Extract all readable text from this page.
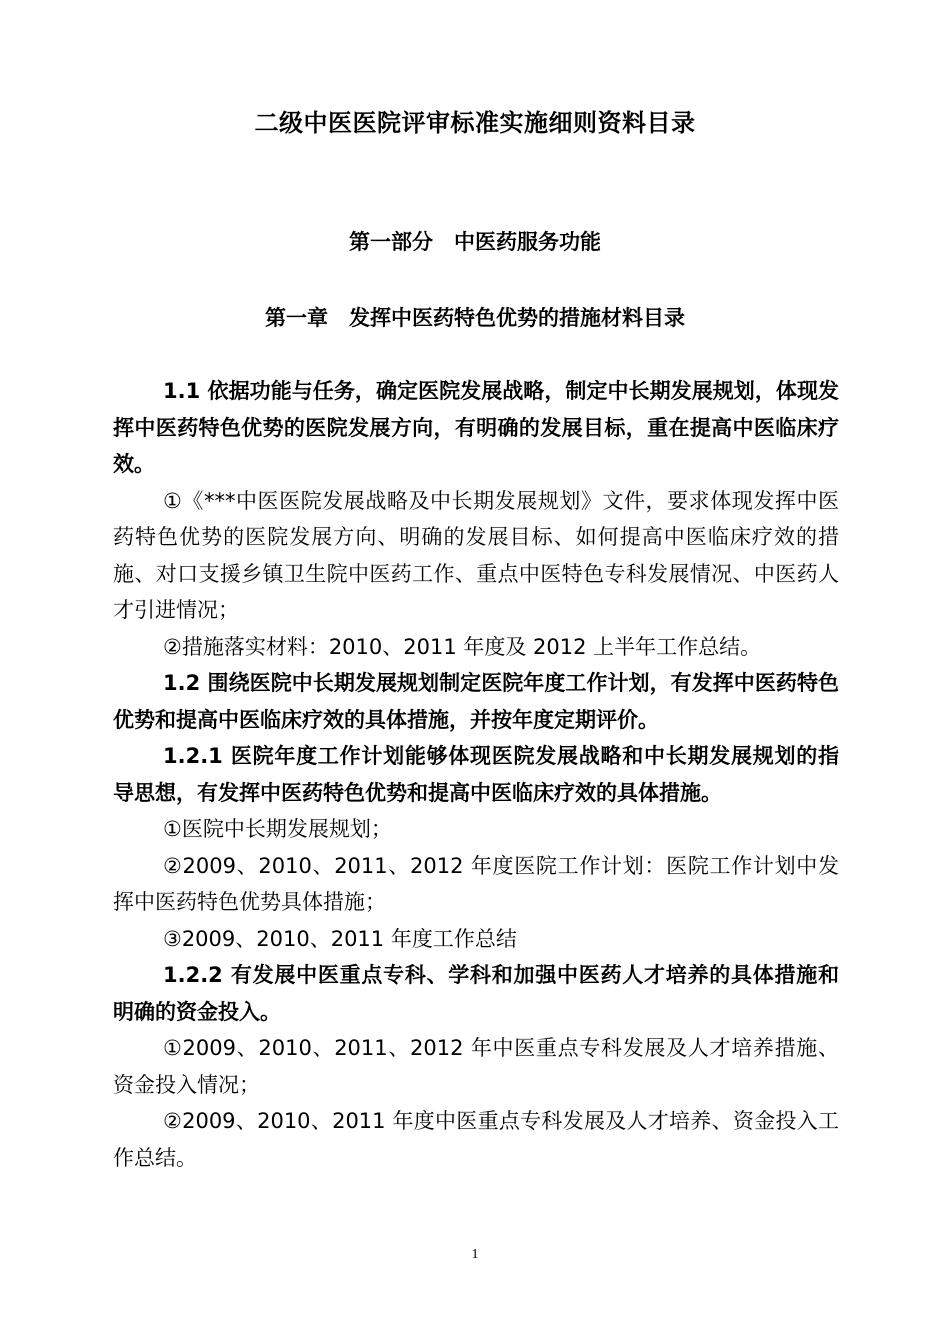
二级中医医院评审标准实施细则资料目录
第一部分　中医药服务功能
第一章　发挥中医药特色优势的措施材料目录

1.1 依据功能与任务，确定医院发展战略，制定中长期发展规划，体现发挥中医药特色优势的医院发展方向，有明确的发展目标，重在提高中医临床疗效。

①《***中医医院发展战略及中长期发展规划》文件，要求体现发挥中医药特色优势的医院发展方向、明确的发展目标、如何提高中医临床疗效的措施、对口支援乡镇卫生院中医药工作、重点中医特色专科发展情况、中医药人才引进情况；

②措施落实材料：2010、2011 年度及 2012 上半年工作总结。

1.2 围绕医院中长期发展规划制定医院年度工作计划，有发挥中医药特色优势和提高中医临床疗效的具体措施，并按年度定期评价。

1.2.1 医院年度工作计划能够体现医院发展战略和中长期发展规划的指导思想，有发挥中医药特色优势和提高中医临床疗效的具体措施。

①医院中长期发展规划；

②2009、2010、2011、2012 年度医院工作计划：医院工作计划中发挥中医药特色优势具体措施；

③2009、2010、2011 年度工作总结

1.2.2 有发展中医重点专科、学科和加强中医药人才培养的具体措施和明确的资金投入。

①2009、2010、2011、2012 年中医重点专科发展及人才培养措施、资金投入情况；

②2009、2010、2011 年度中医重点专科发展及人才培养、资金投入工作总结。

1
